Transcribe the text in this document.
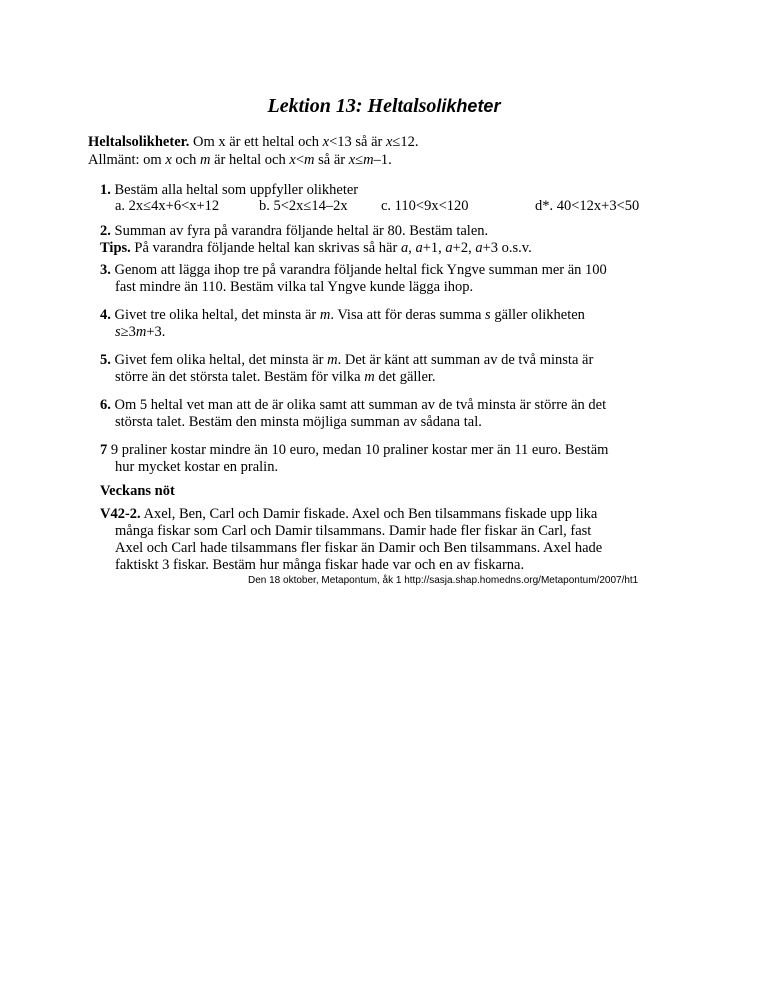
Lektion 13: Heltalsolikheter
Heltalsolikheter. Om x är ett heltal och x<13 så är x≤12.
Allmänt: om x och m är heltal och x<m så är x≤m–1.
1. Bestäm alla heltal som uppfyller olikheter
a. 2x≤4x+6<x+12	b. 5<2x≤14–2x c. 110<9x<120	d*. 40<12x+3<50
2. Summan av fyra på varandra följande heltal är 80. Bestäm talen.
Tips. På varandra följande heltal kan skrivas så här a, a+1, a+2, a+3 o.s.v.
3. Genom att lägga ihop tre på varandra följande heltal fick Yngve summan mer än 100
fast mindre än 110. Bestäm vilka tal Yngve kunde lägga ihop.
4. Givet tre olika heltal, det minsta är m. Visa att för deras summa s gäller olikheten
s≥3m+3.
5. Givet fem olika heltal, det minsta är m. Det är känt att summan av de två minsta är
större än det största talet. Bestäm för vilka m det gäller.
6. Om 5 heltal vet man att de är olika samt att summan av de två minsta är större än det
största talet. Bestäm den minsta möjliga summan av sådana tal.
7 9 praliner kostar mindre än 10 euro, medan 10 praliner kostar mer än 11 euro. Bestäm
hur mycket kostar en pralin.
Veckans nöt
V42-2. Axel, Ben, Carl och Damir fiskade. Axel och Ben tilsammans fiskade upp lika
många fiskar som Carl och Damir tilsammans. Damir hade fler fiskar än Carl, fast
Axel och Carl hade tilsammans fler fiskar än Damir och Ben tilsammans. Axel hade
faktiskt 3 fiskar. Bestäm hur många fiskar hade var och en av fiskarna.
Den 18 oktober, Metapontum, åk 1 http://sasja.shap.homedns.org/Metapontum/2007/ht1
